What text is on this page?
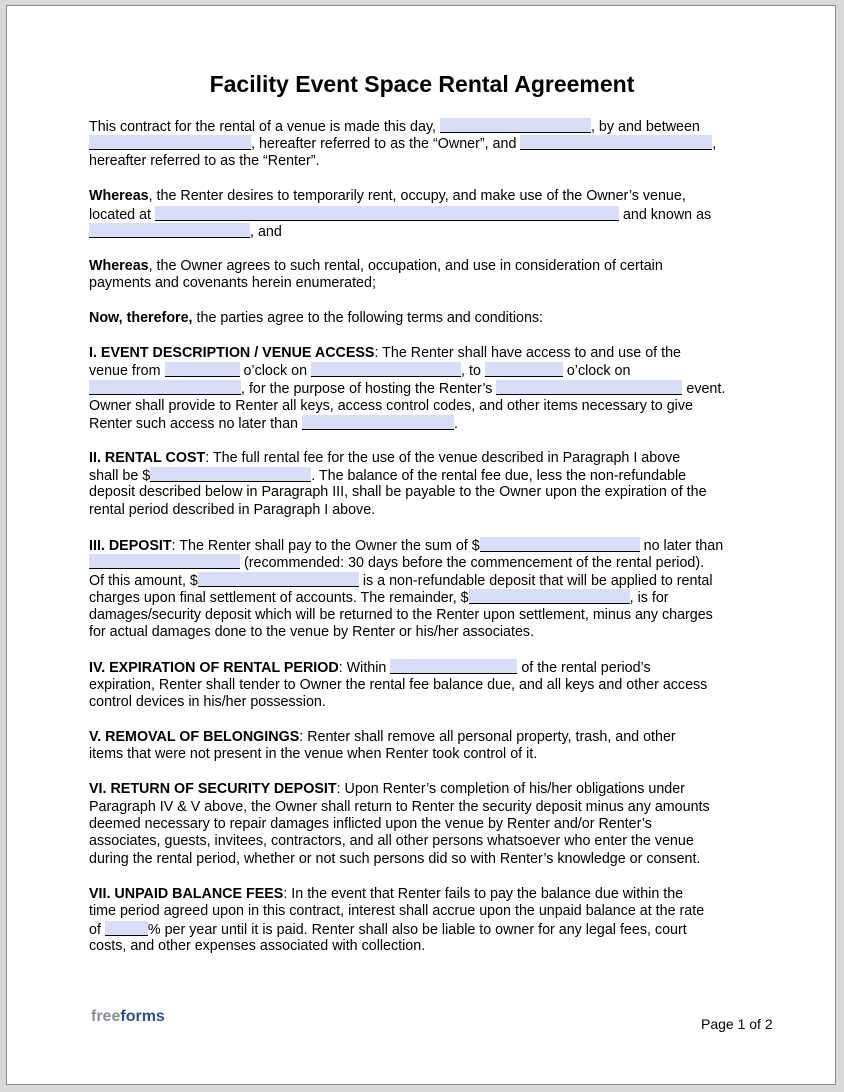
Facility Event Space Rental Agreement
This contract for the rental of a venue is made this day,	, by and between
, hereafter referred to as the “Owner”, and	,
hereafter referred to as the “Renter”.
Whereas, the Renter desires to temporarily rent, occupy, and make use of the Owner’s venue,
located at	and known as
, and
Whereas, the Owner agrees to such rental, occupation, and use in consideration of certain
payments and covenants herein enumerated;
Now, therefore, the parties agree to the following terms and conditions:
I. EVENT DESCRIPTION / VENUE ACCESS: The Renter shall have access to and use of the
venue from	o’clock on	, to	o’clock on
, for the purpose of hosting the Renter’s	event.
Owner shall provide to Renter all keys, access control codes, and other items necessary to give
Renter such access no later than	.
II. RENTAL COST: The full rental fee for the use of the venue described in Paragraph I above
shall be $	. The balance of the rental fee due, less the non-refundable
deposit described below in Paragraph III, shall be payable to the Owner upon the expiration of the
rental period described in Paragraph I above.
III. DEPOSIT: The Renter shall pay to the Owner the sum of $	no later than
(recommended: 30 days before the commencement of the rental period).
Of this amount, $	is a non-refundable deposit that will be applied to rental
charges upon final settlement of accounts. The remainder, $	, is for
damages/security deposit which will be returned to the Renter upon settlement, minus any charges
for actual damages done to the venue by Renter or his/her associates.
IV. EXPIRATION OF RENTAL PERIOD: Within	of the rental period’s
expiration, Renter shall tender to Owner the rental fee balance due, and all keys and other access
control devices in his/her possession.
V. REMOVAL OF BELONGINGS: Renter shall remove all personal property, trash, and other
items that were not present in the venue when Renter took control of it.
VI. RETURN OF SECURITY DEPOSIT: Upon Renter’s completion of his/her obligations under
Paragraph IV & V above, the Owner shall return to Renter the security deposit minus any amounts
deemed necessary to repair damages inflicted upon the venue by Renter and/or Renter’s
associates, guests, invitees, contractors, and all other persons whatsoever who enter the venue
during the rental period, whether or not such persons did so with Renter’s knowledge or consent.
VII. UNPAID BALANCE FEES: In the event that Renter fails to pay the balance due within the
time period agreed upon in this contract, interest shall accrue upon the unpaid balance at the rate
of	% per year until it is paid. Renter shall also be liable to owner for any legal fees, court
costs, and other expenses associated with collection.
freeforms	Page 1 of 2
